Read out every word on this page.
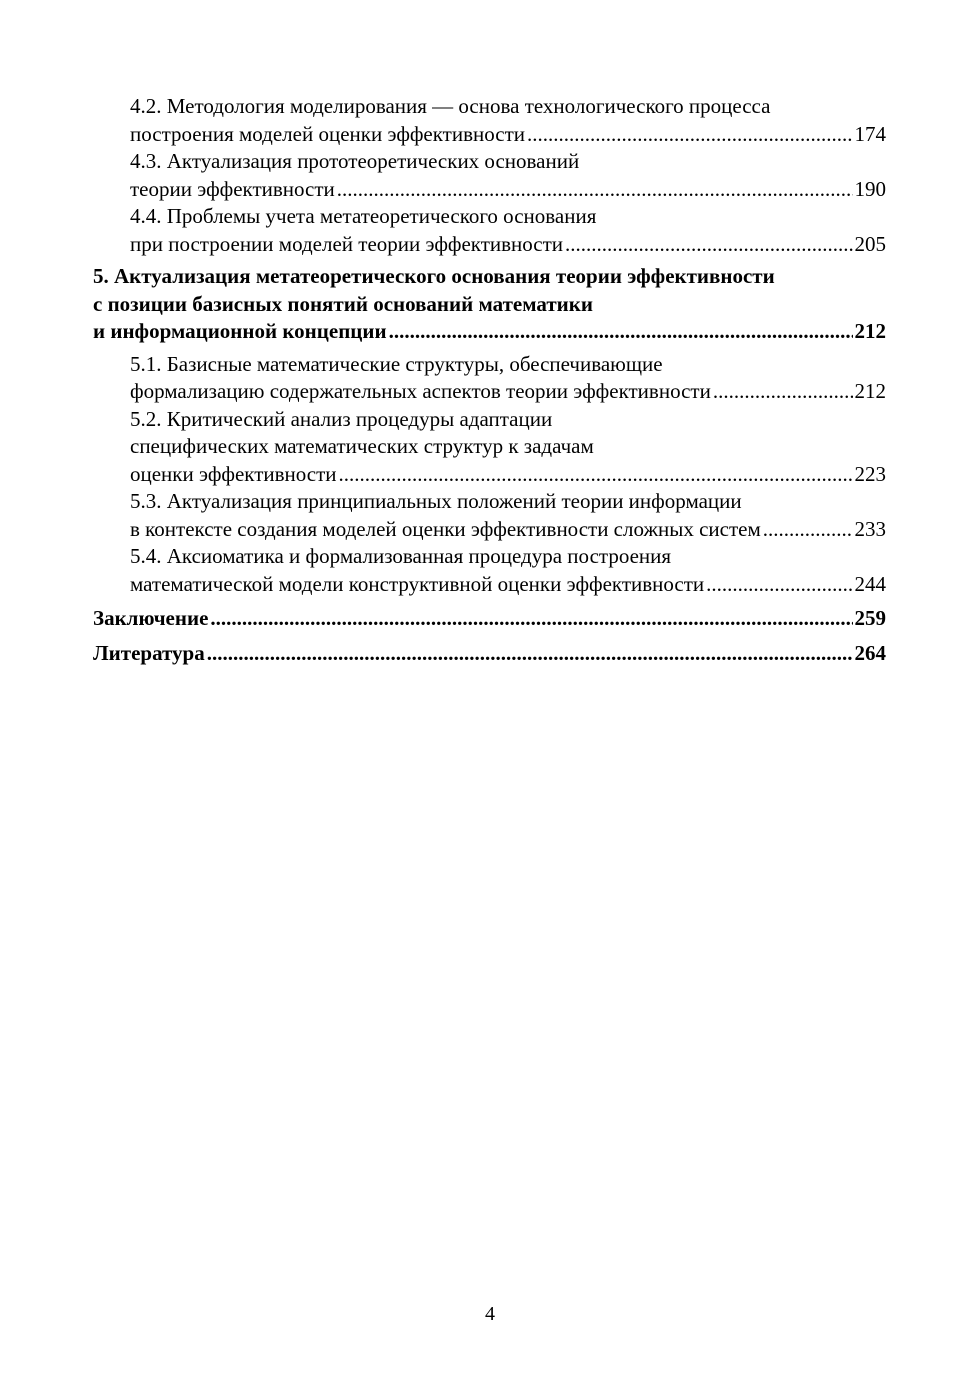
4.2. Методология моделирования — основа технологического процесса
построения моделей оценки эффективности .....	174
4.3. Актуализация прототеоретических оснований
теории эффективности .....	190
4.4. Проблемы учета метатеоретического основания
при построении моделей теории эффективности .....	205
5. Актуализация метатеоретического основания теории эффективности
с позиции базисных понятий оснований математики
и информационной концепции .....	212
5.1. Базисные математические структуры, обеспечивающие
формализацию содержательных аспектов теории эффективности .....	212
5.2. Критический анализ процедуры адаптации
специфических математических структур к задачам
оценки эффективности .....	223
5.3. Актуализация принципиальных положений теории информации
в контексте создания моделей оценки эффективности сложных систем .....	233
5.4. Аксиоматика и формализованная процедура построения
математической модели конструктивной оценки эффективности .....	244
Заключение .....	259
Литература .....	264
4
